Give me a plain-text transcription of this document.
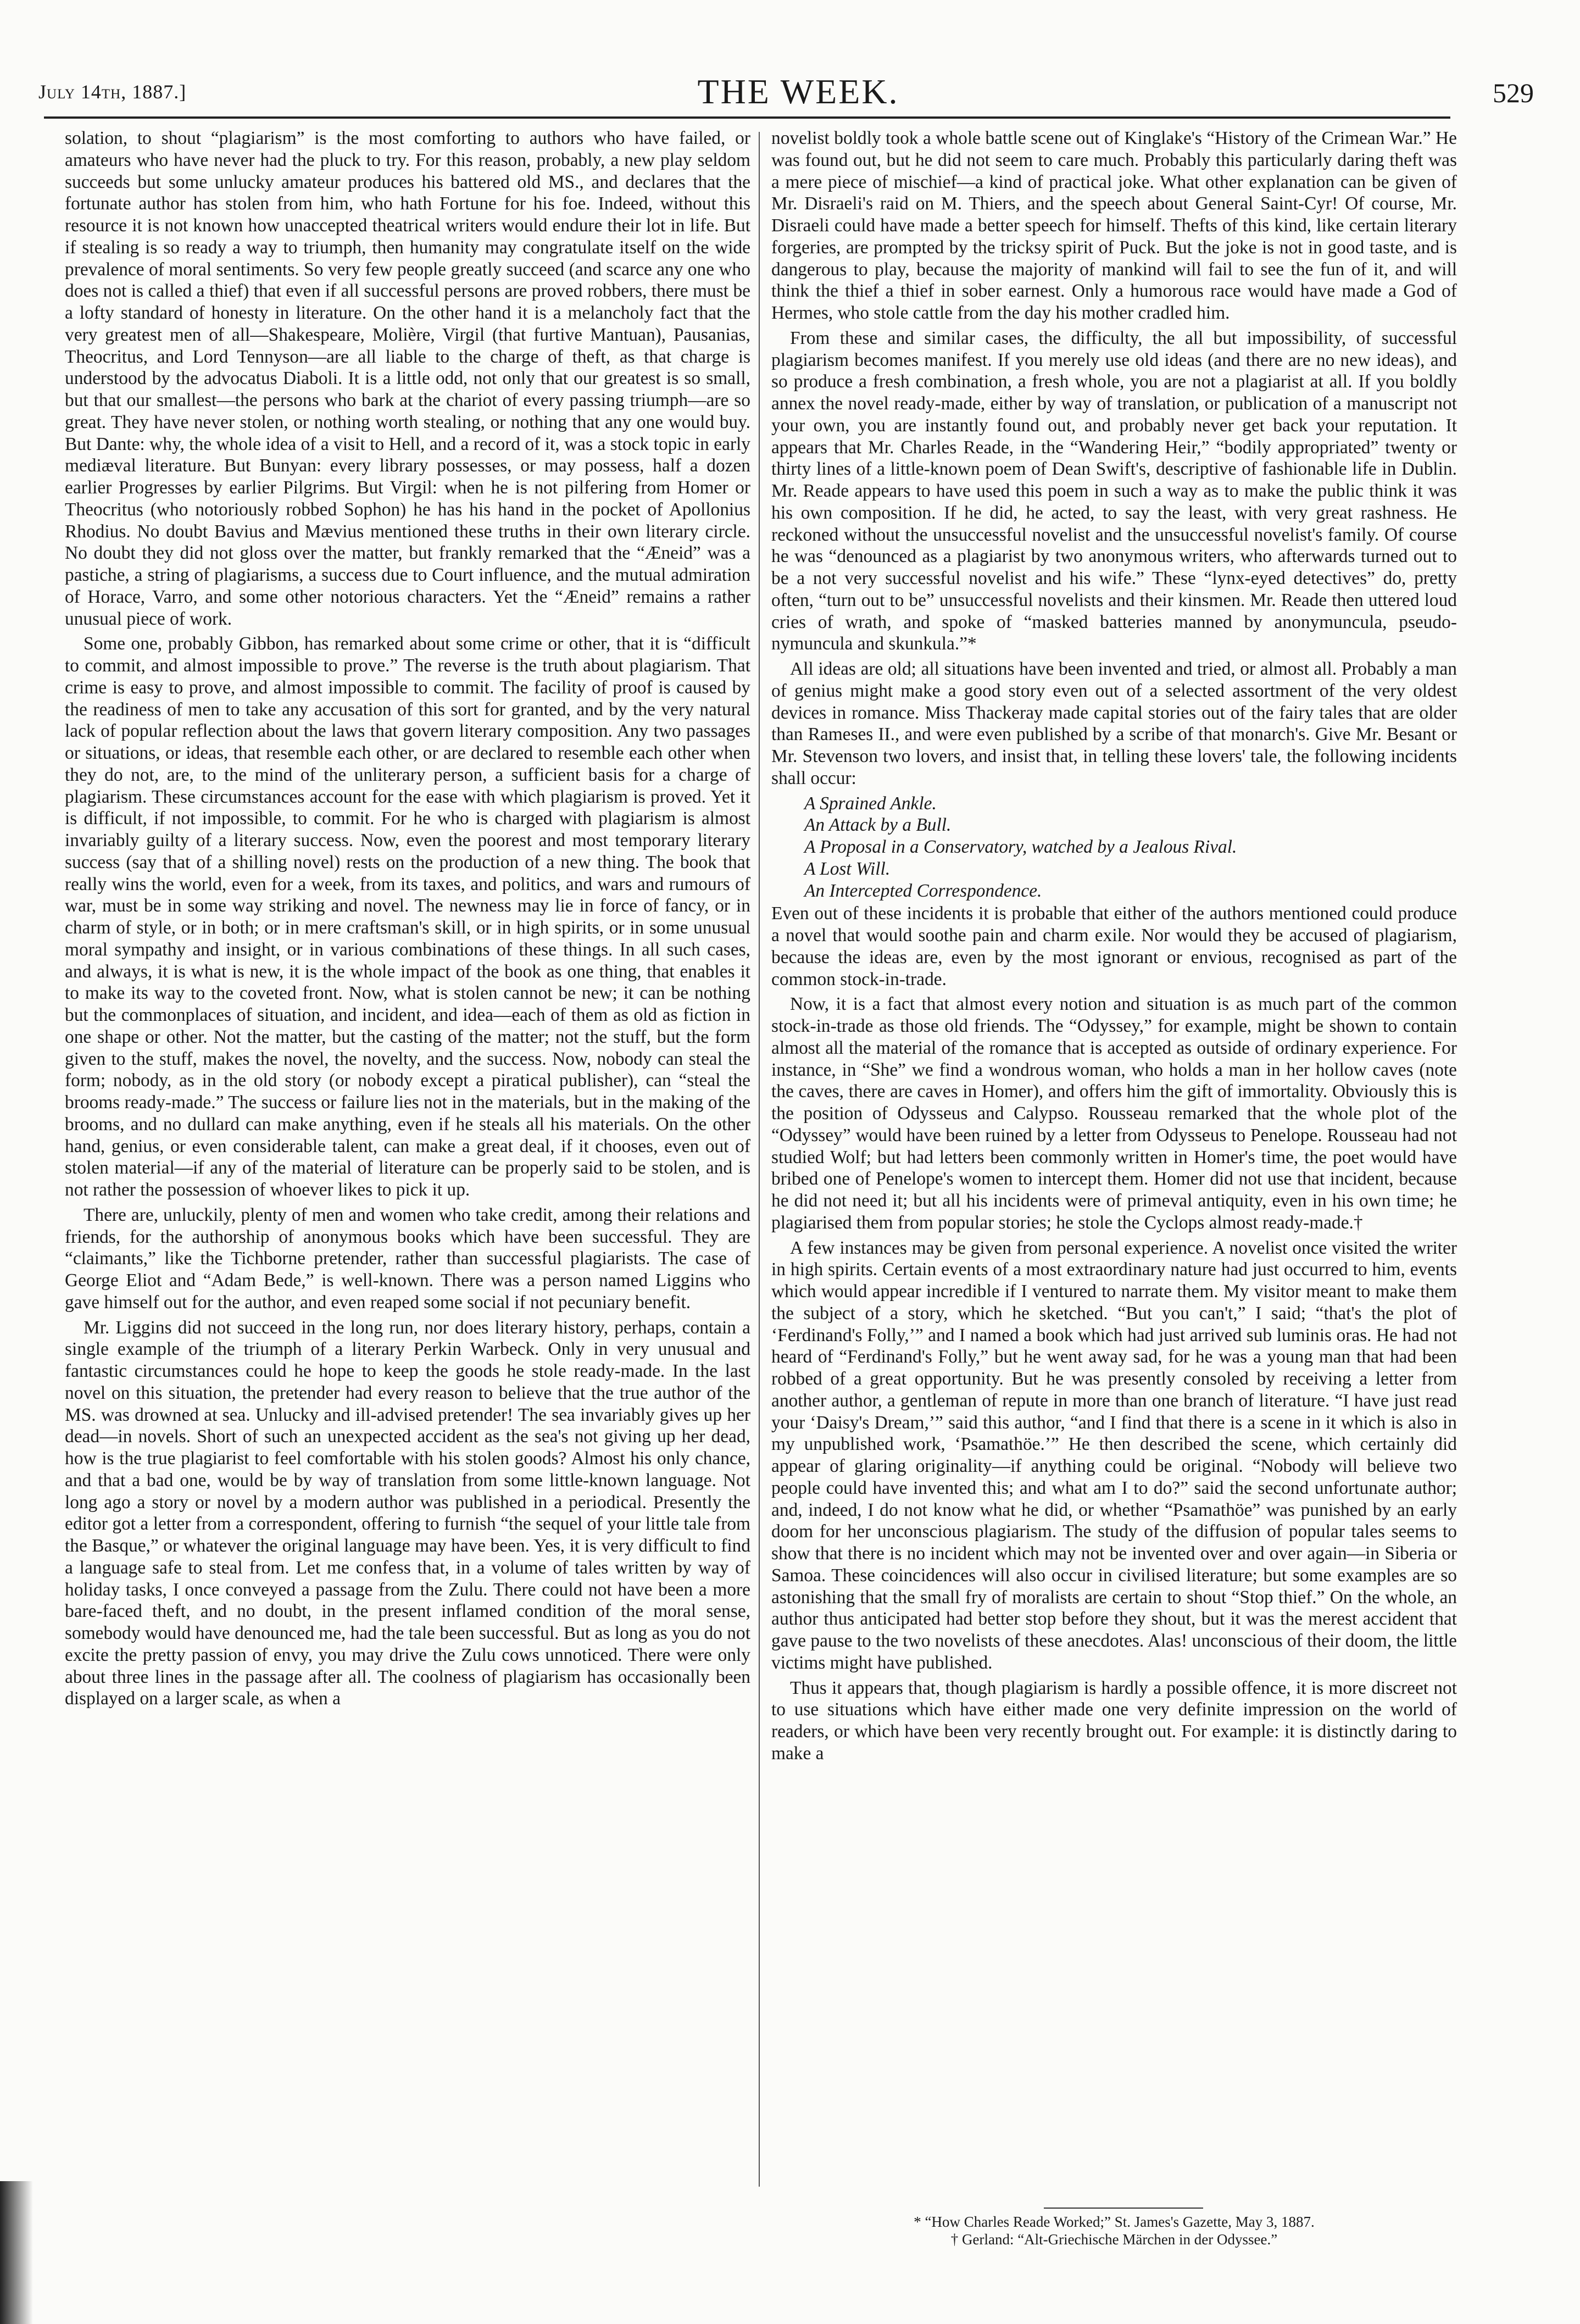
July 14th, 1887.]	THE WEEK.	529

solation, to shout “plagiarism” is the most comforting to authors who have failed, or amateurs who have never had the pluck to try. For this reason, probably, a new play seldom succeeds but some unlucky amateur produces his battered old MS., and declares that the fortunate author has stolen from him, who hath Fortune for his foe. Indeed, without this resource it is not known how unaccepted theatrical writers would endure their lot in life. But if stealing is so ready a way to triumph, then humanity may congratulate itself on the wide prevalence of moral sentiments. So very few people greatly succeed (and scarce any one who does not is called a thief) that even if all successful persons are proved robbers, there must be a lofty standard of honesty in literature. On the other hand it is a melancholy fact that the very greatest men of all—Shakespeare, Molière, Virgil (that furtive Mantuan), Pausanias, Theocritus, and Lord Tennyson—are all liable to the charge of theft, as that charge is understood by the advocatus Diaboli. It is a little odd, not only that our greatest is so small, but that our smallest—the persons who bark at the chariot of every passing triumph—are so great. They have never stolen, or nothing worth stealing, or nothing that any one would buy. But Dante: why, the whole idea of a visit to Hell, and a record of it, was a stock topic in early mediæval literature. But Bunyan: every library possesses, or may possess, half a dozen earlier Progresses by earlier Pilgrims. But Virgil: when he is not pilfering from Homer or Theocritus (who notoriously robbed Sophon) he has his hand in the pocket of Apollonius Rhodius. No doubt Bavius and Mævius mentioned these truths in their own literary circle. No doubt they did not gloss over the matter, but frankly remarked that the “Æneid” was a pastiche, a string of plagiarisms, a success due to Court influence, and the mutual admiration of Horace, Varro, and some other notorious characters. Yet the “Æneid” remains a rather unusual piece of work.

Some one, probably Gibbon, has remarked about some crime or other, that it is “difficult to commit, and almost impossible to prove.” The reverse is the truth about plagiarism. That crime is easy to prove, and almost impossible to commit. The facility of proof is caused by the readiness of men to take any accusation of this sort for granted, and by the very natural lack of popular reflection about the laws that govern literary composition. Any two passages or situations, or ideas, that resemble each other, or are declared to resemble each other when they do not, are, to the mind of the unliterary person, a sufficient basis for a charge of plagiarism. These circumstances account for the ease with which plagiarism is proved. Yet it is difficult, if not impossible, to commit. For he who is charged with plagiarism is almost invariably guilty of a literary success. Now, even the poorest and most temporary literary success (say that of a shilling novel) rests on the production of a new thing. The book that really wins the world, even for a week, from its taxes, and politics, and wars and rumours of war, must be in some way striking and novel. The newness may lie in force of fancy, or in charm of style, or in both; or in mere craftsman's skill, or in high spirits, or in some unusual moral sympathy and insight, or in various combinations of these things. In all such cases, and always, it is what is new, it is the whole impact of the book as one thing, that enables it to make its way to the coveted front. Now, what is stolen cannot be new; it can be nothing but the commonplaces of situation, and incident, and idea—each of them as old as fiction in one shape or other. Not the matter, but the casting of the matter; not the stuff, but the form given to the stuff, makes the novel, the novelty, and the success. Now, nobody can steal the form; nobody, as in the old story (or nobody except a piratical publisher), can “steal the brooms ready-made.” The success or failure lies not in the materials, but in the making of the brooms, and no dullard can make anything, even if he steals all his materials. On the other hand, genius, or even considerable talent, can make a great deal, if it chooses, even out of stolen material—if any of the material of literature can be properly said to be stolen, and is not rather the possession of whoever likes to pick it up.

There are, unluckily, plenty of men and women who take credit, among their relations and friends, for the authorship of anonymous books which have been successful. They are “claimants,” like the Tichborne pretender, rather than successful plagiarists. The case of George Eliot and “Adam Bede,” is well-known. There was a person named Liggins who gave himself out for the author, and even reaped some social if not pecuniary benefit.

Mr. Liggins did not succeed in the long run, nor does literary history, perhaps, contain a single example of the triumph of a literary Perkin Warbeck. Only in very unusual and fantastic circumstances could he hope to keep the goods he stole ready-made. In the last novel on this situation, the pretender had every reason to believe that the true author of the MS. was drowned at sea. Unlucky and ill-advised pretender! The sea invariably gives up her dead—in novels. Short of such an unexpected accident as the sea's not giving up her dead, how is the true plagiarist to feel comfortable with his stolen goods? Almost his only chance, and that a bad one, would be by way of translation from some little-known language. Not long ago a story or novel by a modern author was published in a periodical. Presently the editor got a letter from a correspondent, offering to furnish “the sequel of your little tale from the Basque,” or whatever the original language may have been. Yes, it is very difficult to find a language safe to steal from. Let me confess that, in a volume of tales written by way of holiday tasks, I once conveyed a passage from the Zulu. There could not have been a more bare-faced theft, and no doubt, in the present inflamed condition of the moral sense, somebody would have denounced me, had the tale been successful. But as long as you do not excite the pretty passion of envy, you may drive the Zulu cows unnoticed. There were only about three lines in the passage after all. The coolness of plagiarism has occasionally been displayed on a larger scale, as when a

novelist boldly took a whole battle scene out of Kinglake's “History of the Crimean War.” He was found out, but he did not seem to care much. Probably this particularly daring theft was a mere piece of mischief—a kind of practical joke. What other explanation can be given of Mr. Disraeli's raid on M. Thiers, and the speech about General Saint-Cyr! Of course, Mr. Disraeli could have made a better speech for himself. Thefts of this kind, like certain literary forgeries, are prompted by the tricksy spirit of Puck. But the joke is not in good taste, and is dangerous to play, because the majority of mankind will fail to see the fun of it, and will think the thief a thief in sober earnest. Only a humorous race would have made a God of Hermes, who stole cattle from the day his mother cradled him.

From these and similar cases, the difficulty, the all but impossibility, of successful plagiarism becomes manifest. If you merely use old ideas (and there are no new ideas), and so produce a fresh combination, a fresh whole, you are not a plagiarist at all. If you boldly annex the novel ready-made, either by way of translation, or publication of a manuscript not your own, you are instantly found out, and probably never get back your reputation. It appears that Mr. Charles Reade, in the “Wandering Heir,” “bodily appropriated” twenty or thirty lines of a little-known poem of Dean Swift's, descriptive of fashionable life in Dublin. Mr. Reade appears to have used this poem in such a way as to make the public think it was his own composition. If he did, he acted, to say the least, with very great rashness. He reckoned without the unsuccessful novelist and the unsuccessful novelist's family. Of course he was “denounced as a plagiarist by two anonymous writers, who afterwards turned out to be a not very successful novelist and his wife.” These “lynx-eyed detectives” do, pretty often, “turn out to be” unsuccessful novelists and their kinsmen. Mr. Reade then uttered loud cries of wrath, and spoke of “masked batteries manned by anonymuncula, pseudo-nymuncula and skunkula.”*

All ideas are old; all situations have been invented and tried, or almost all. Probably a man of genius might make a good story even out of a selected assortment of the very oldest devices in romance. Miss Thackeray made capital stories out of the fairy tales that are older than Rameses II., and were even published by a scribe of that monarch's. Give Mr. Besant or Mr. Stevenson two lovers, and insist that, in telling these lovers' tale, the following incidents shall occur:

A Sprained Ankle.
An Attack by a Bull.
A Proposal in a Conservatory, watched by a Jealous Rival.
A Lost Will.
An Intercepted Correspondence.

Even out of these incidents it is probable that either of the authors mentioned could produce a novel that would soothe pain and charm exile. Nor would they be accused of plagiarism, because the ideas are, even by the most ignorant or envious, recognised as part of the common stock-in-trade.

Now, it is a fact that almost every notion and situation is as much part of the common stock-in-trade as those old friends. The “Odyssey,” for example, might be shown to contain almost all the material of the romance that is accepted as outside of ordinary experience. For instance, in “She” we find a wondrous woman, who holds a man in her hollow caves (note the caves, there are caves in Homer), and offers him the gift of immortality. Obviously this is the position of Odysseus and Calypso. Rousseau remarked that the whole plot of the “Odyssey” would have been ruined by a letter from Odysseus to Penelope. Rousseau had not studied Wolf; but had letters been commonly written in Homer's time, the poet would have bribed one of Penelope's women to intercept them. Homer did not use that incident, because he did not need it; but all his incidents were of primeval antiquity, even in his own time; he plagiarised them from popular stories; he stole the Cyclops almost ready-made.†

A few instances may be given from personal experience. A novelist once visited the writer in high spirits. Certain events of a most extraordinary nature had just occurred to him, events which would appear incredible if I ventured to narrate them. My visitor meant to make them the subject of a story, which he sketched. “But you can't,” I said; “that's the plot of ‘Ferdinand's Folly,’” and I named a book which had just arrived sub luminis oras. He had not heard of “Ferdinand's Folly,” but he went away sad, for he was a young man that had been robbed of a great opportunity. But he was presently consoled by receiving a letter from another author, a gentleman of repute in more than one branch of literature. “I have just read your ‘Daisy's Dream,’” said this author, “and I find that there is a scene in it which is also in my unpublished work, ‘Psamathöe.’” He then described the scene, which certainly did appear of glaring originality—if anything could be original. “Nobody will believe two people could have invented this; and what am I to do?” said the second unfortunate author; and, indeed, I do not know what he did, or whether “Psamathöe” was punished by an early doom for her unconscious plagiarism. The study of the diffusion of popular tales seems to show that there is no incident which may not be invented over and over again—in Siberia or Samoa. These coincidences will also occur in civilised literature; but some examples are so astonishing that the small fry of moralists are certain to shout “Stop thief.” On the whole, an author thus anticipated had better stop before they shout, but it was the merest accident that gave pause to the two novelists of these anecdotes. Alas! unconscious of their doom, the little victims might have published.

Thus it appears that, though plagiarism is hardly a possible offence, it is more discreet not to use situations which have either made one very definite impression on the world of readers, or which have been very recently brought out. For example: it is distinctly daring to make a

* “How Charles Reade Worked;” St. James's Gazette, May 3, 1887.
† Gerland: “Alt-Griechische Märchen in der Odyssee.”
